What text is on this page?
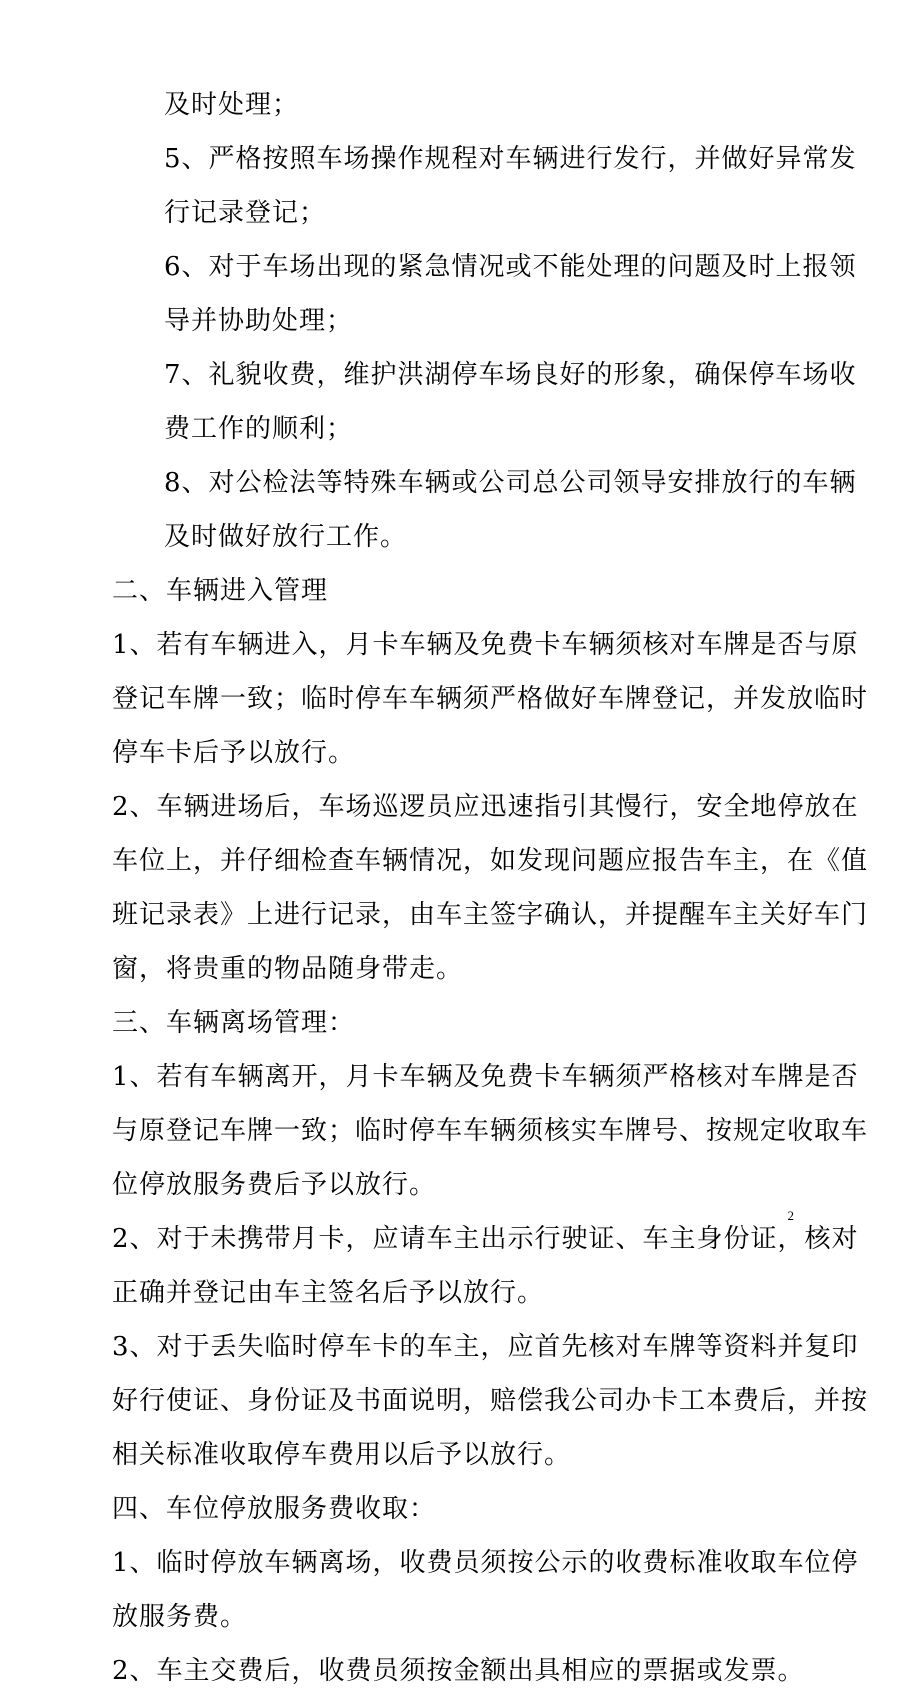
及时处理；
5、严格按照车场操作规程对车辆进行发行，并做好异常发
行记录登记；
6、对于车场出现的紧急情况或不能处理的问题及时上报领
导并协助处理；
7、礼貌收费，维护洪湖停车场良好的形象，确保停车场收
费工作的顺利；
8、对公检法等特殊车辆或公司总公司领导安排放行的车辆
及时做好放行工作。
二、车辆进入管理
1、若有车辆进入，月卡车辆及免费卡车辆须核对车牌是否与原
登记车牌一致；临时停车车辆须严格做好车牌登记，并发放临时
停车卡后予以放行。
2、车辆进场后，车场巡逻员应迅速指引其慢行，安全地停放在
车位上，并仔细检查车辆情况，如发现问题应报告车主，在《值
班记录表》上进行记录，由车主签字确认，并提醒车主关好车门
窗，将贵重的物品随身带走。
三、车辆离场管理：
1、若有车辆离开，月卡车辆及免费卡车辆须严格核对车牌是否
与原登记车牌一致；临时停车车辆须核实车牌号、按规定收取车
位停放服务费后予以放行。
2、对于未携带月卡，应请车主出示行驶证、车主身份证，核对
正确并登记由车主签名后予以放行。
3、对于丢失临时停车卡的车主，应首先核对车牌等资料并复印
好行使证、身份证及书面说明，赔偿我公司办卡工本费后，并按
相关标准收取停车费用以后予以放行。
四、车位停放服务费收取：
1、临时停放车辆离场，收费员须按公示的收费标准收取车位停
放服务费。
2、车主交费后，收费员须按金额出具相应的票据或发票。
2
